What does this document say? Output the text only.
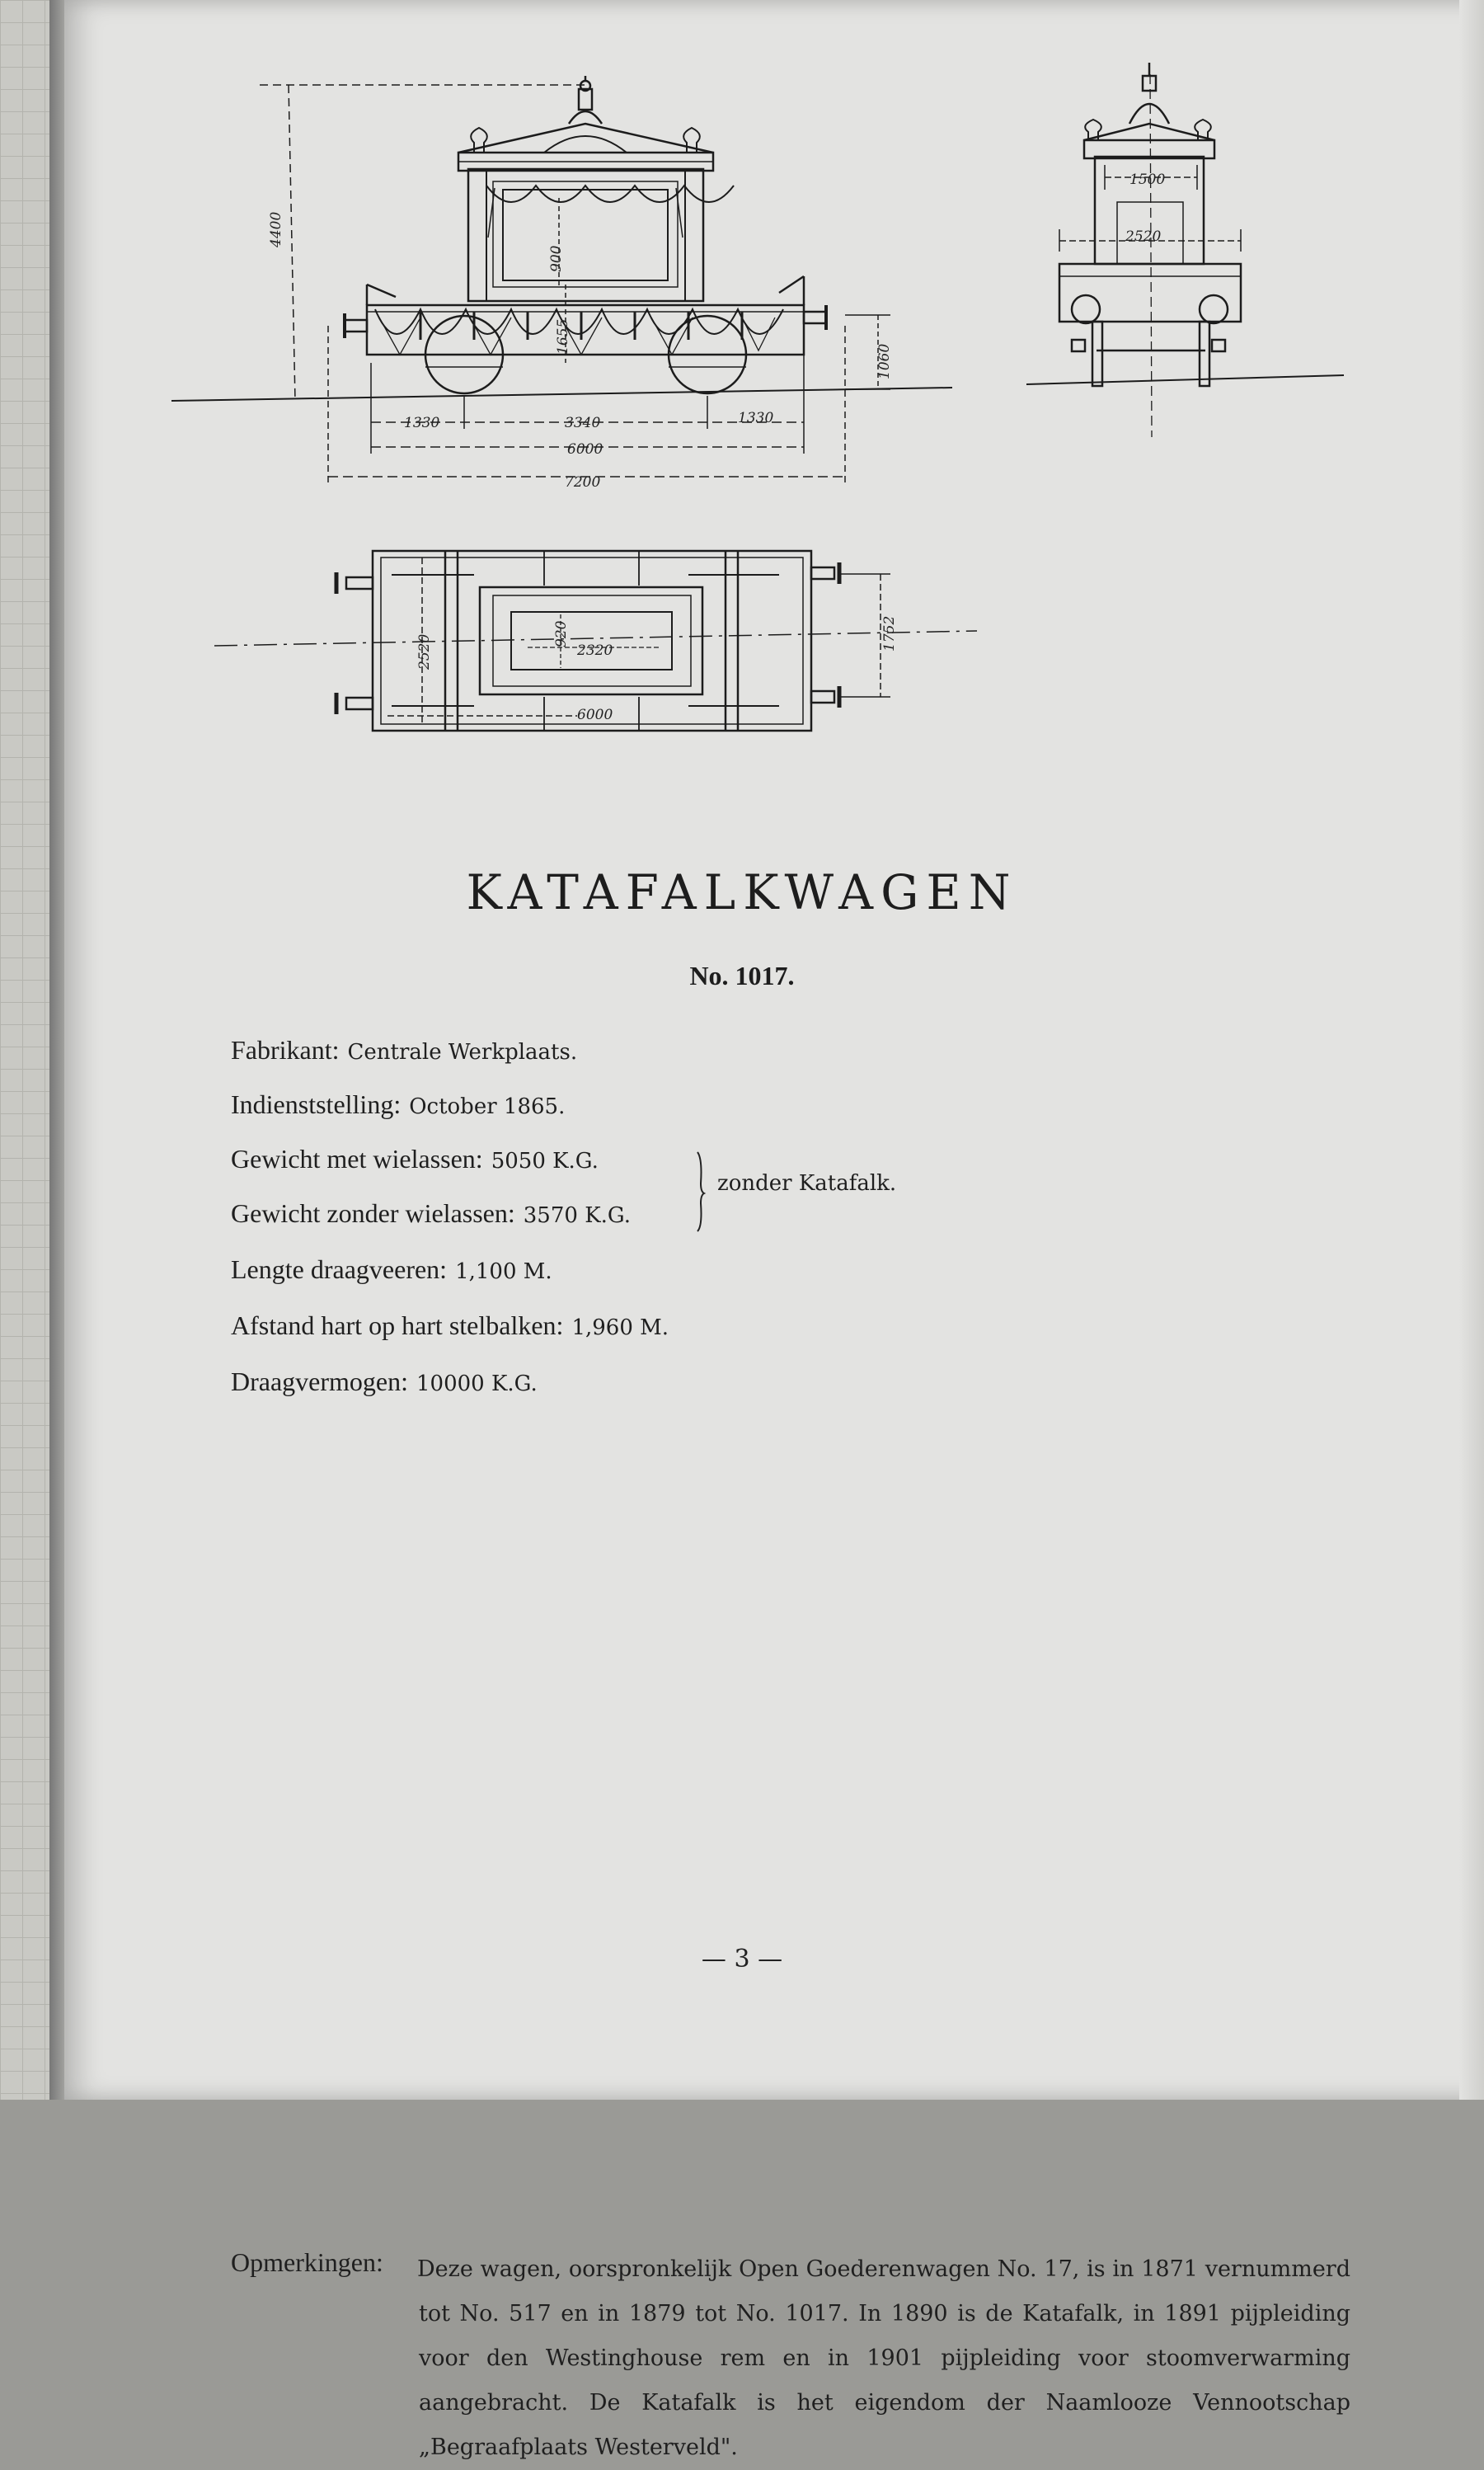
4400
900
1655
1060
1330	3340	1330
6000
7200
1500
2520
2520	920
2320
6000
1752
KATAFALKWAGEN
No. 1017.
Fabrikant: Centrale Werkplaats.
Indienststelling: October 1865.
Gewicht met wielassen: 5050 K.G.
Gewicht zonder wielassen: 3570 K.G.
zonder Katafalk.
Lengte draagveeren: 1,100 M.
Afstand hart op hart stelbalken: 1,960 M.
Draagvermogen: 10000 K.G.
Opmerkingen: Deze wagen, oorspronkelijk Open Goederenwagen No. 17, is in 1871 vernummerd tot No. 517 en in 1879 tot No. 1017. In 1890 is de Katafalk, in 1891 pijpleiding voor den Westinghouse rem en in 1901 pijpleiding voor stoomverwarming aangebracht. De Katafalk is het eigendom der Naamlooze Vennootschap „Begraafplaats Westerveld".
— 3 —
